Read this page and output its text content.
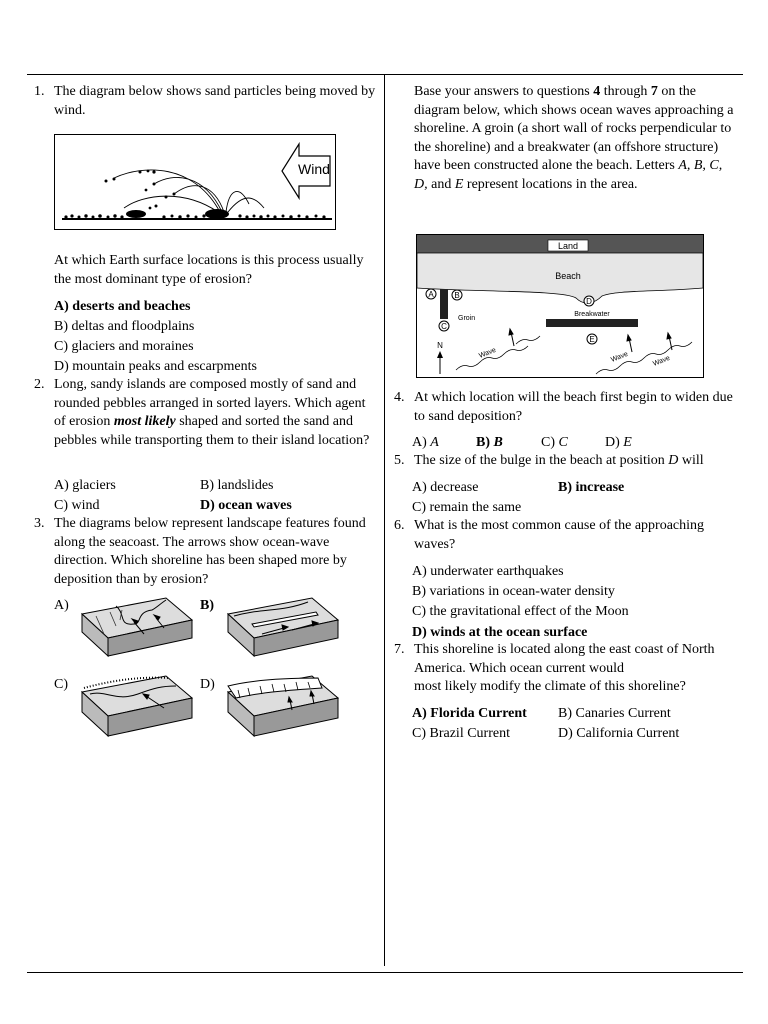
1. The diagram below shows sand particles being moved by wind.
Wind
At which Earth surface locations is this process usually the most dominant type of erosion?
A) deserts and beaches
B) deltas and floodplains
C) glaciers and moraines
D) mountain peaks and escarpments
2. Long, sandy islands are composed mostly of sand and rounded pebbles arranged in sorted layers. Which agent of erosion most likely shaped and sorted the sand and pebbles while transporting them to their island location?
A) glaciers	B) landslides
C) wind	D) ocean waves
3. The diagrams below represent landscape features found along the seacoast. The arrows show ocean-wave direction. Which shoreline has been shaped more by deposition than by erosion?
A)	B)
C)	D)
Base your answers to questions 4 through 7 on the diagram below, which shows ocean waves approaching a shoreline. A groin (a short wall of rocks perpendicular to the shoreline) and a breakwater (an offshore structure) have been constructed alone the beach. Letters A, B, C, D, and E represent locations in the area.
Land
Beach
Groin
Breakwater
A	B
C
D
E
N
Wave	Wave	Wave
4. At which location will the beach first begin to widen due to sand deposition?
A) A	B) B	C) C	D) E
5. The size of the bulge in the beach at position D will
A) decrease	B) increase
C) remain the same
6. What is the most common cause of the approaching waves?
A) underwater earthquakes
B) variations in ocean-water density
C) the gravitational effect of the Moon
D) winds at the ocean surface
7. This shoreline is located along the east coast of North America. Which ocean current would
most likely modify the climate of this shoreline?
A) Florida Current B) Canaries Current
C) Brazil Current	D) California Current
